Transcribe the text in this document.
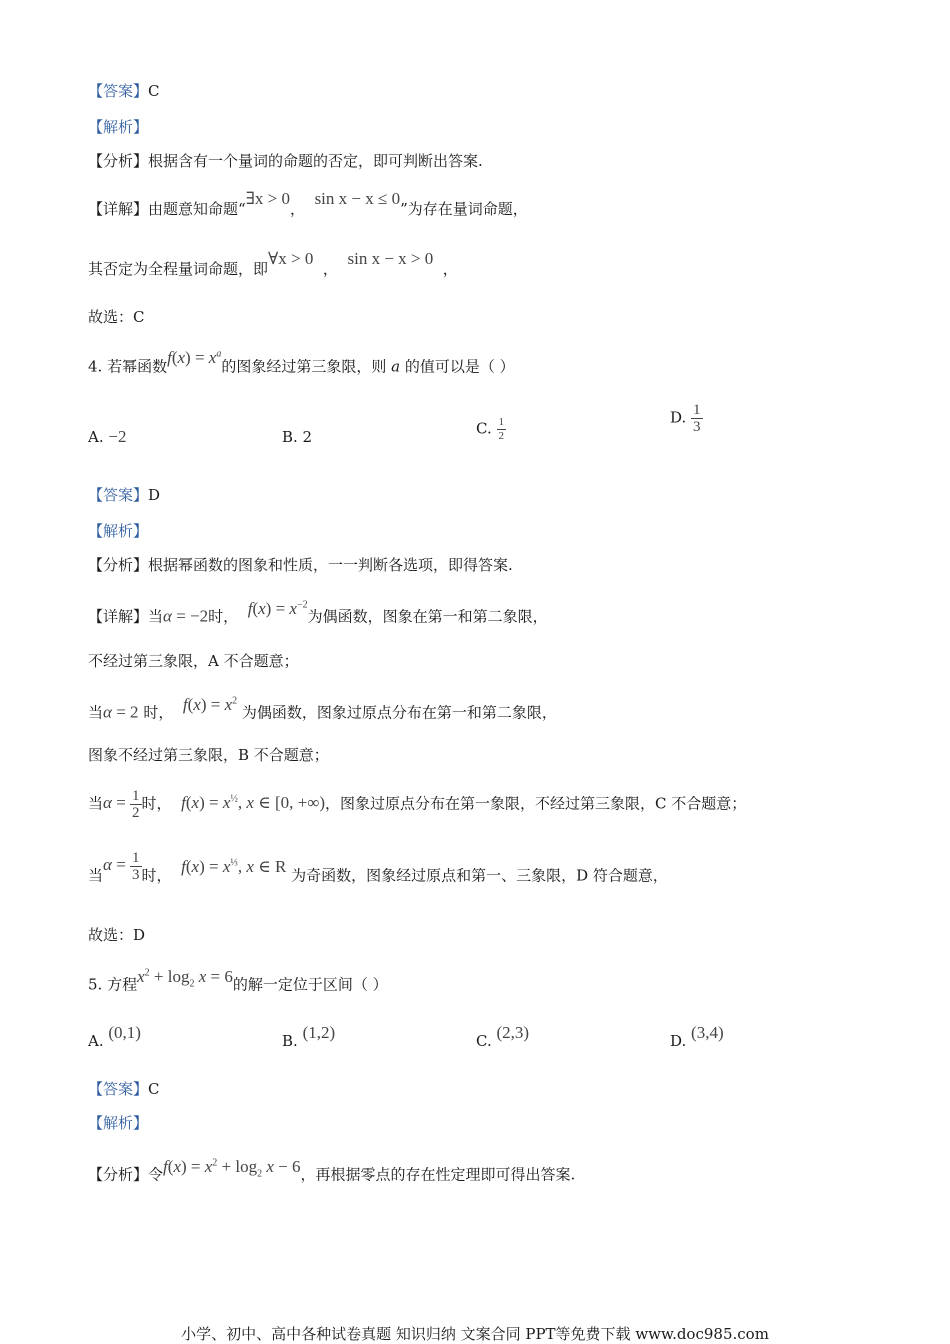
【答案】C
【解析】
【分析】根据含有一个量词的命题的否定，即可判断出答案.
【详解】由题意知命题“∃x > 0，  sin x − x ≤ 0”为存在量词命题，
其否定为全程量词命题，即∀x > 0  ，  sin x − x > 0  ，
故选：C
4. 若幂函数$f(x) = x^a$的图象经过第三象限，则 a 的值可以是（ ）
A. −2	B. 2	C. $\frac{1}{2}$	D. $\frac{1}{3}$
【答案】D
【解析】
【分析】根据幂函数的图象和性质，一一判断各选项，即得答案.
【详解】当α = −2时， $f(x) = x^{-2}$为偶函数，图象在第一和第二象限，
不经过第三象限，A 不合题意；
当α = 2 时， $f(x) = x^2$ 为偶函数，图象过原点分布在第一和第二象限，
图象不经过第三象限，B 不合题意；
当$\alpha = \frac{1}{2}$ 时， $f(x) = x^{\frac{1}{2}}$, x ∈ [0, +∞)，图象过原点分布在第一象限，不经过第三象限，C 不合题意；
当$\alpha = \frac{1}{3}$ 时， $f(x) = x^{\frac{1}{3}}$, x ∈ R 为奇函数，图象经过原点和第一、三象限，D 符合题意，
故选：D
5. 方程$x^2 + \log_2 x = 6$的解一定位于区间（ ）
A. (0,1)	B. (1,2)	C. (2,3)	D. (3,4)
【答案】C
【解析】
【分析】令$f(x) = x^2 + \log_2 x - 6$，再根据零点的存在性定理即可得出答案.
小学、初中、高中各种试卷真题 知识归纳 文案合同 PPT等免费下载 www.doc985.com
